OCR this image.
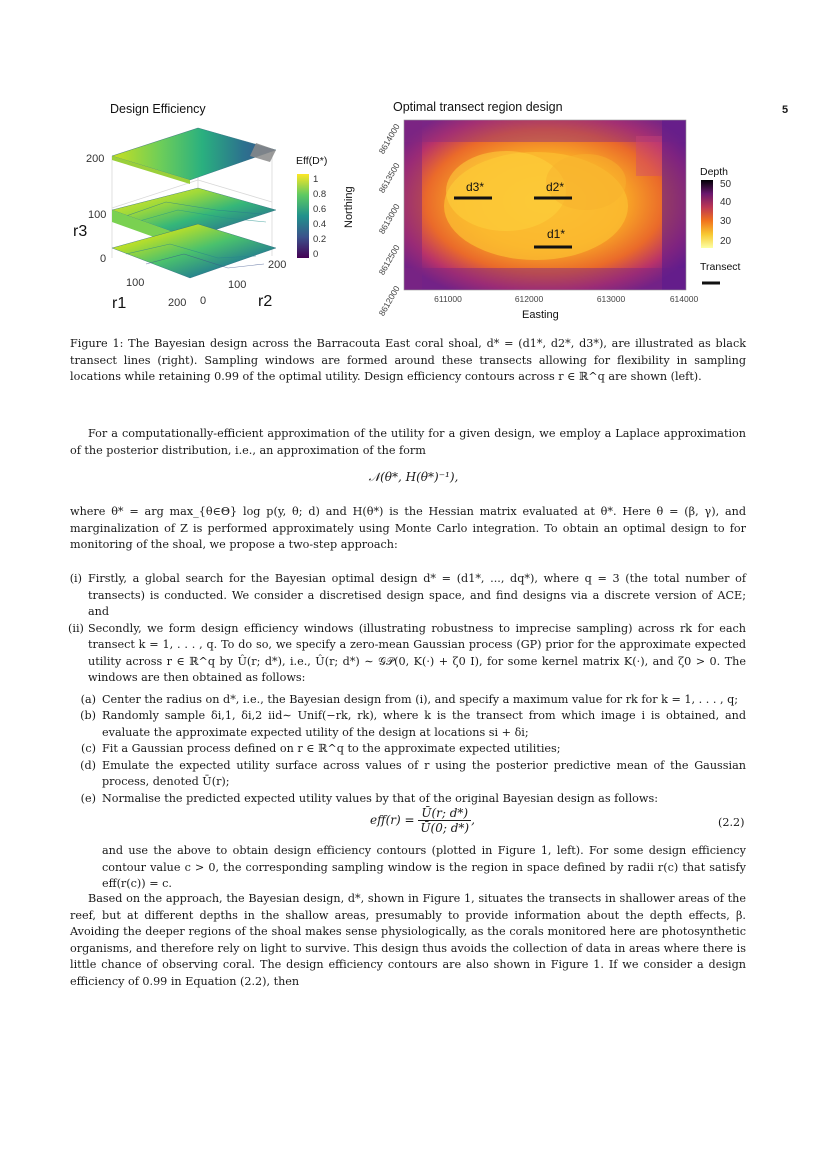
5
Design Efficiency
200
100
0
r3
100
200
r1	0
100
200
r2
Eff(D*)
1
0.8
0.6
0.4
0.2
0
Optimal transect region design
d3*	d2*
d1*
8614000
8613500
8613000
8612500
8612000
Northing
611000	612000	613000	614000
Easting
Depth
50
40
30
20
Transect
Figure 1: The Bayesian design across the Barracouta East coral shoal, d* = (d1*, d2*, d3*), are illustrated as black transect lines (right). Sampling windows are formed around these transects allowing for flexibility in sampling locations while retaining 0.99 of the optimal utility. Design efficiency contours across r ∈ ℝ^q are shown (left).

For a computationally-efficient approximation of the utility for a given design, we employ a Laplace approximation of the posterior distribution, i.e., an approximation of the form

𝒩(θ*, H(θ*)⁻¹),

where θ* = arg max_{θ∈Θ} log p(y, θ; d) and H(θ*) is the Hessian matrix evaluated at θ*. Here θ = (β, γ), and marginalization of Z is performed approximately using Monte Carlo integration. To obtain an optimal design to for monitoring of the shoal, we propose a two-step approach:

(i) Firstly, a global search for the Bayesian optimal design d* = (d1*, ..., dq*), where q = 3 (the total number of transects) is conducted. We consider a discretised design space, and find designs via a discrete version of ACE; and
(ii) Secondly, we form design efficiency windows (illustrating robustness to imprecise sampling) across rk for each transect k = 1, . . . , q. To do so, we specify a zero-mean Gaussian process (GP) prior for the approximate expected utility across r ∈ ℝ^q by Û(r; d*), i.e., Û(r; d*) ∼ 𝒢𝒫(0, K(·) + ζ0 I), for some kernel matrix K(·), and ζ0 > 0. The windows are then obtained as follows:
(a) Center the radius on d*, i.e., the Bayesian design from (i), and specify a maximum value for rk for k = 1, . . . , q;
(b) Randomly sample δi,1, δi,2 iid∼ Unif(−rk, rk), where k is the transect from which image i is obtained, and evaluate the approximate expected utility of the design at locations si + δi;
(c) Fit a Gaussian process defined on r ∈ ℝ^q to the approximate expected utilities;
(d) Emulate the expected utility surface across values of r using the posterior predictive mean of the Gaussian process, denoted Ū(r);
(e) Normalise the predicted expected utility values by that of the original Bayesian design as follows:
$eff(r) = \frac{Ū(r; d*)}{Ū(0; d*)}$ ,	(2.2)
and use the above to obtain design efficiency contours (plotted in Figure 1, left). For some design efficiency contour value c > 0, the corresponding sampling window is the region in space defined by radii r(c) that satisfy eff(r(c)) = c.

Based on the approach, the Bayesian design, d*, shown in Figure 1, situates the transects in shallower areas of the reef, but at different depths in the shallow areas, presumably to provide information about the depth effects, β. Avoiding the deeper regions of the shoal makes sense physiologically, as the corals monitored here are photosynthetic organisms, and therefore rely on light to survive. This design thus avoids the collection of data in areas where there is little chance of observing coral. The design efficiency contours are also shown in Figure 1. If we consider a design efficiency of 0.99 in Equation (2.2), then
